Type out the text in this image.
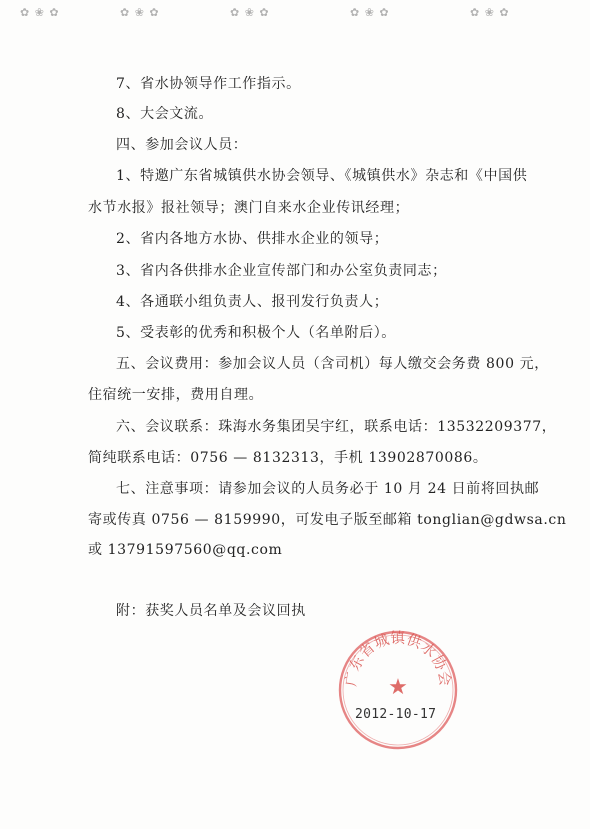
✿ ❀ ✿	✿ ❀ ✿	✿ ❀ ✿	✿ ❀ ✿	✿ ❀ ✿
7、省水协领导作工作指示。
8、大会文流。
四、参加会议人员：
1、特邀广东省城镇供水协会领导、《城镇供水》杂志和《中国供
水节水报》报社领导；澳门自来水企业传讯经理；
2、省内各地方水协、供排水企业的领导；
3、省内各供排水企业宣传部门和办公室负责同志；
4、各通联小组负责人、报刊发行负责人；
5、受表彰的优秀和积极个人（名单附后）。
五、会议费用：参加会议人员（含司机）每人缴交会务费 800 元，
住宿统一安排，费用自理。
六、会议联系：珠海水务集团吴宇红，联系电话：13532209377，
简纯联系电话：0756 — 8132313，手机 13902870086。
七、注意事项：请参加会议的人员务必于 10 月 24 日前将回执邮
寄或传真 0756 — 8159990，可发电子版至邮箱 tonglian@gdwsa.cn
或 13791597560@qq.com
附：获奖人员名单及会议回执
广东省城镇供水协会
★
2012-10-17
